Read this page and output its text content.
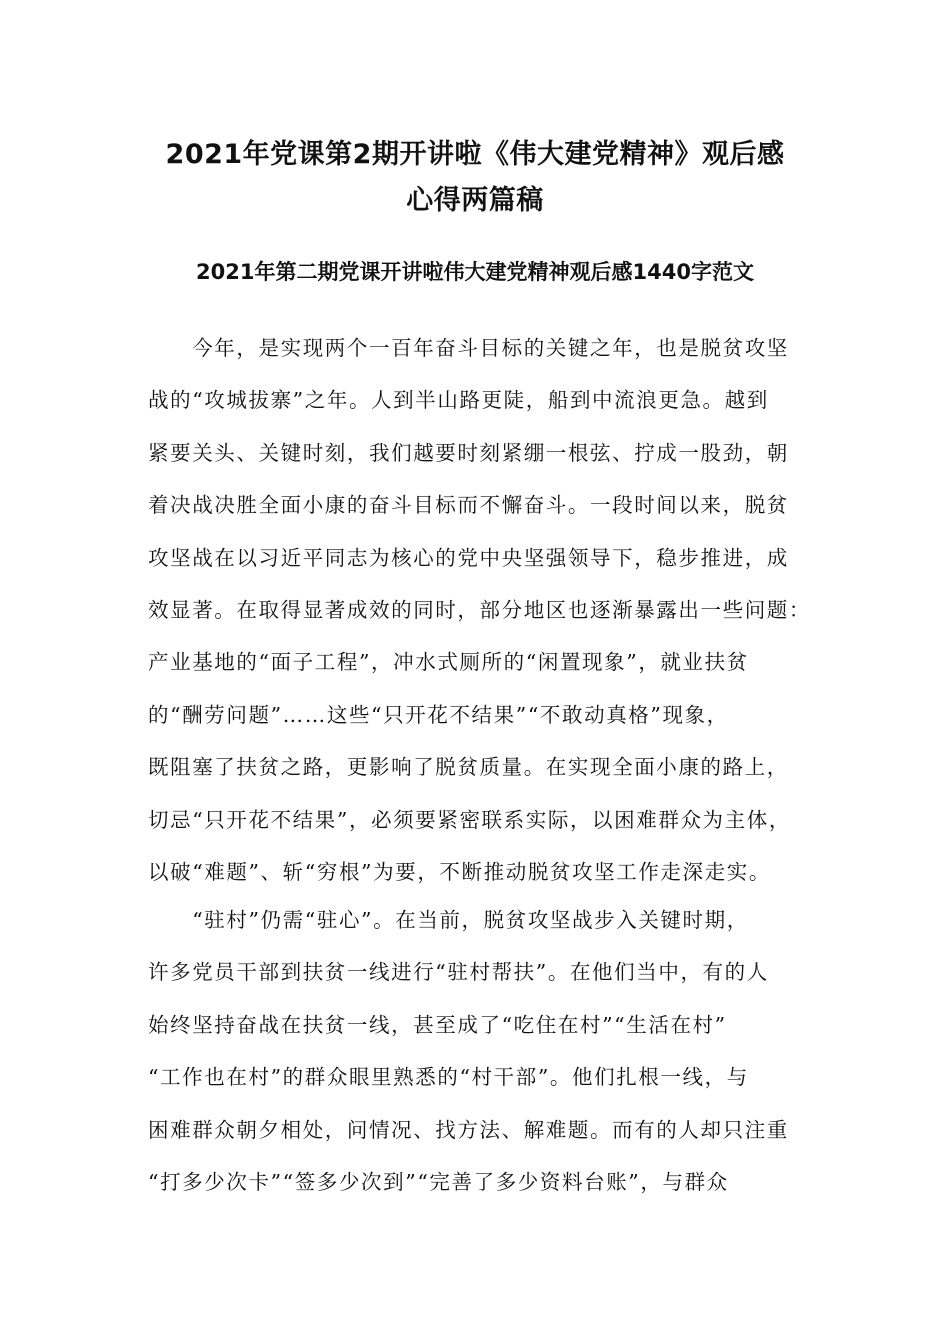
2021年党课第2期开讲啦《伟大建党精神》观后感
心得两篇稿
2021年第二期党课开讲啦伟大建党精神观后感1440字范文
　　今年，是实现两个一百年奋斗目标的关键之年，也是脱贫攻坚
战的“攻城拔寨”之年。人到半山路更陡，船到中流浪更急。越到
紧要关头、关键时刻，我们越要时刻紧绷一根弦、拧成一股劲，朝
着决战决胜全面小康的奋斗目标而不懈奋斗。一段时间以来，脱贫
攻坚战在以习近平同志为核心的党中央坚强领导下，稳步推进，成
效显著。在取得显著成效的同时，部分地区也逐渐暴露出一些问题：
产业基地的“面子工程”，冲水式厕所的“闲置现象”，就业扶贫
的“酬劳问题”……这些“只开花不结果”“不敢动真格”现象，
既阻塞了扶贫之路，更影响了脱贫质量。在实现全面小康的路上，
切忌“只开花不结果”，必须要紧密联系实际，以困难群众为主体，
以破“难题”、斩“穷根”为要，不断推动脱贫攻坚工作走深走实。
　　“驻村”仍需“驻心”。在当前，脱贫攻坚战步入关键时期，
许多党员干部到扶贫一线进行“驻村帮扶”。在他们当中，有的人
始终坚持奋战在扶贫一线，甚至成了“吃住在村”“生活在村”
“工作也在村”的群众眼里熟悉的“村干部”。他们扎根一线，与
困难群众朝夕相处，问情况、找方法、解难题。而有的人却只注重
“打多少次卡”“签多少次到”“完善了多少资料台账”，与群众
